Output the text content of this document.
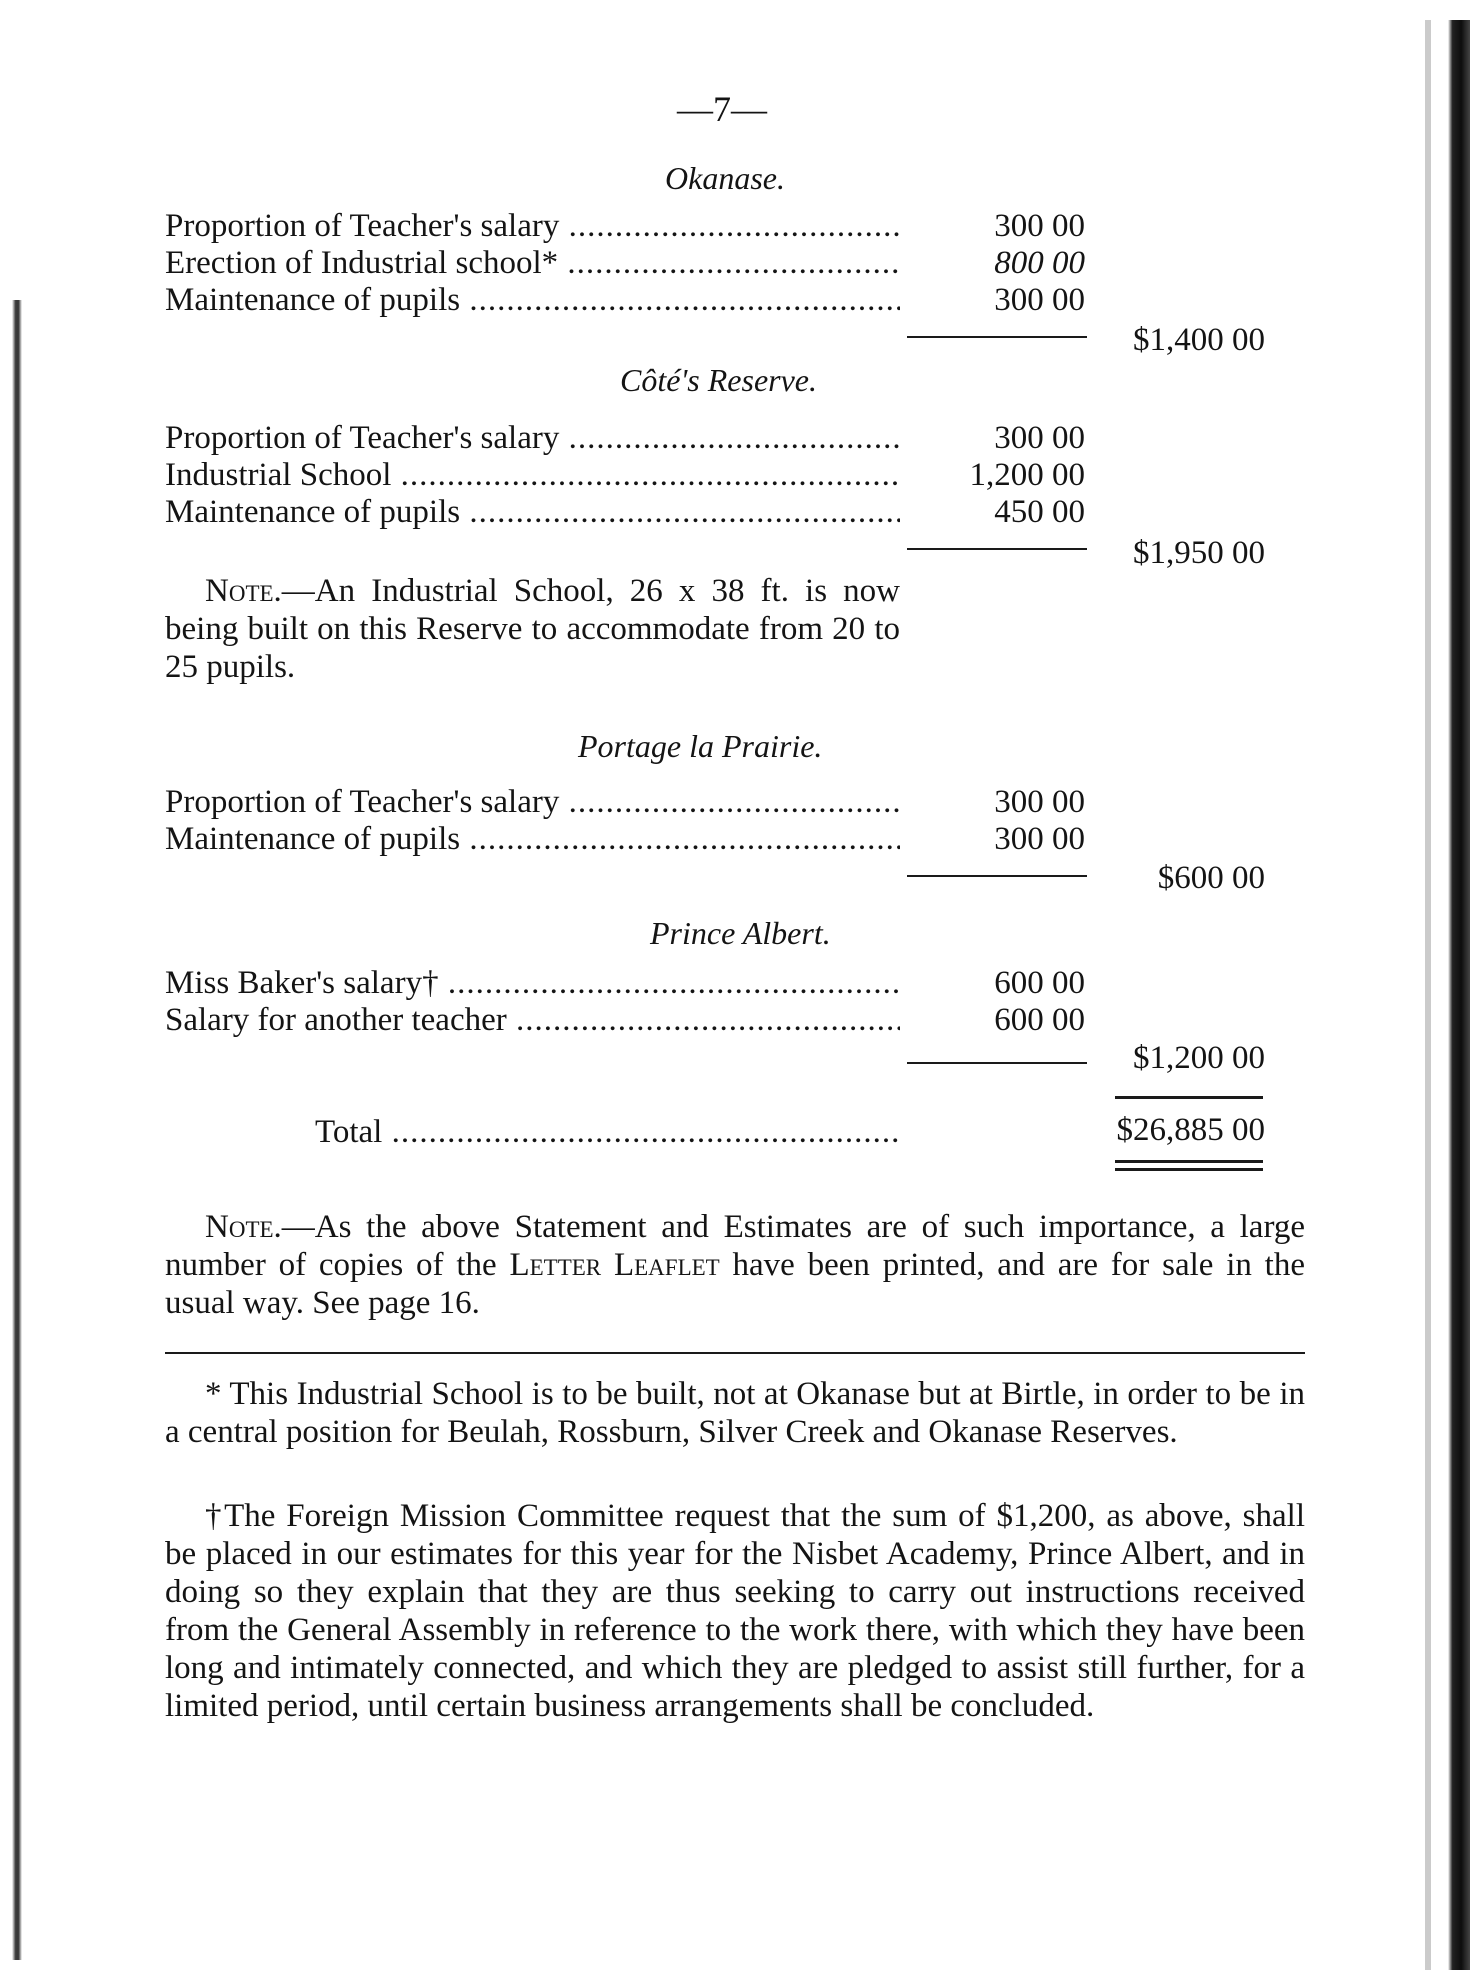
—7—
Okanase.
Proportion of Teacher's salary .....	300 00
Erection of Industrial school* .....	800 00
Maintenance of pupils .....	300 00
$1,400 00
Côté's Reserve.
Proportion of Teacher's salary .....	300 00
Industrial School .....	1,200 00
Maintenance of pupils .....	450 00
$1,950 00

Note.—An Industrial School, 26 x 38 ft. is now being built on this Reserve to accommodate from 20 to 25 pupils.

Portage la Prairie.
Proportion of Teacher's salary .....	300 00
Maintenance of pupils .....	300 00
$600 00
Prince Albert.
Miss Baker's salary† .....	600 00
Salary for another teacher .....	600 00
$1,200 00
Total .....	$26,885 00

Note.—As the above Statement and Estimates are of such importance, a large number of copies of the Letter Leaflet have been printed, and are for sale in the usual way. See page 16.

* This Industrial School is to be built, not at Okanase but at Birtle, in order to be in a central position for Beulah, Rossburn, Silver Creek and Okanase Reserves.

†The Foreign Mission Committee request that the sum of $1,200, as above, shall be placed in our estimates for this year for the Nisbet Academy, Prince Albert, and in doing so they explain that they are thus seeking to carry out instructions received from the General Assembly in reference to the work there, with which they have been long and intimately connected, and which they are pledged to assist still further, for a limited period, until certain business arrangements shall be concluded.
